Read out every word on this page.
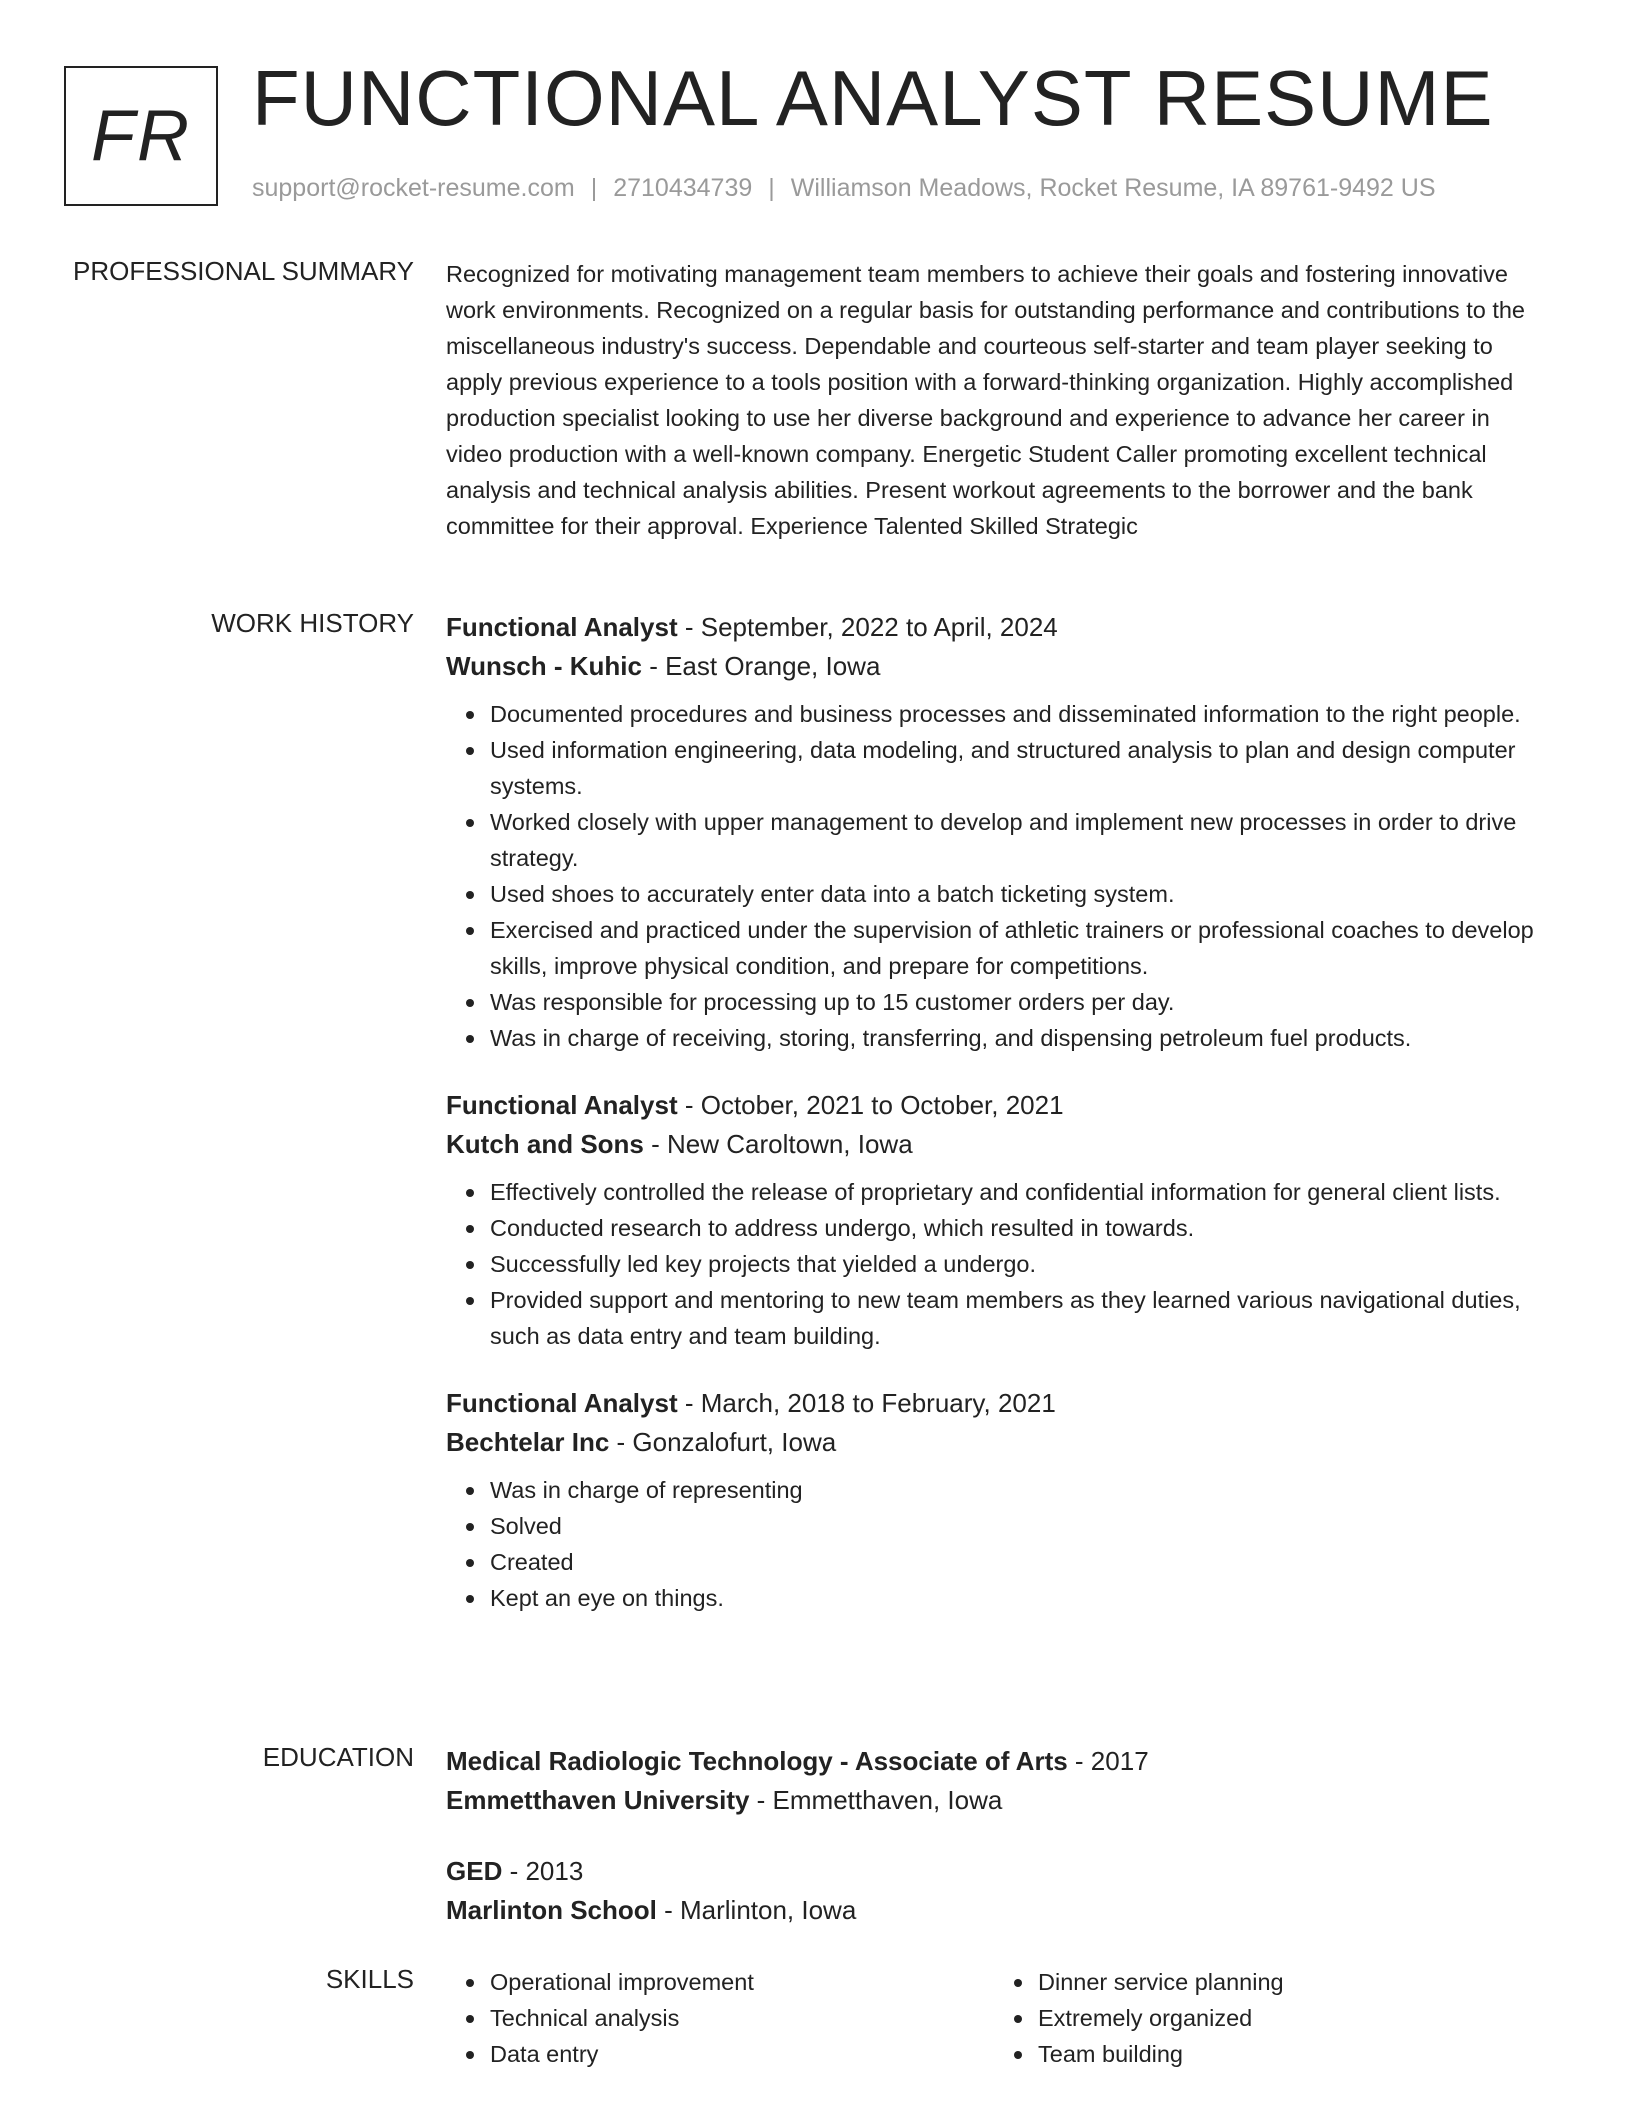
FR FUNCTIONAL ANALYST RESUME
support@rocket-resume.com | 2710434739 | Williamson Meadows, Rocket Resume, IA 89761-9492 US
PROFESSIONAL SUMMARY Recognized for motivating management team members to achieve their goals and fostering innovative work environments. Recognized on a regular basis for outstanding performance and contributions to the miscellaneous industry's success. Dependable and courteous self-starter and team player seeking to apply previous experience to a tools position with a forward-thinking organization. Highly accomplished production specialist looking to use her diverse background and experience to advance her career in video production with a well-known company. Energetic Student Caller promoting excellent technical analysis and technical analysis abilities. Present workout agreements to the borrower and the bank committee for their approval. Experience Talented Skilled Strategic

WORK HISTORY Functional Analyst - September, 2022 to April, 2024
Wunsch - Kuhic - East Orange, Iowa
Documented procedures and business processes and disseminated information to the right people.
Used information engineering, data modeling, and structured analysis to plan and design computer systems.
Worked closely with upper management to develop and implement new processes in order to drive strategy.
Used shoes to accurately enter data into a batch ticketing system.
Exercised and practiced under the supervision of athletic trainers or professional coaches to develop skills, improve physical condition, and prepare for competitions.
Was responsible for processing up to 15 customer orders per day.
Was in charge of receiving, storing, transferring, and dispensing petroleum fuel products.
Functional Analyst - October, 2021 to October, 2021
Kutch and Sons - New Caroltown, Iowa
Effectively controlled the release of proprietary and confidential information for general client lists.
Conducted research to address undergo, which resulted in towards.
Successfully led key projects that yielded a undergo.
Provided support and mentoring to new team members as they learned various navigational duties, such as data entry and team building.
Functional Analyst - March, 2018 to February, 2021
Bechtelar Inc - Gonzalofurt, Iowa
Was in charge of representing
Solved
Created
Kept an eye on things.
EDUCATION Medical Radiologic Technology - Associate of Arts - 2017
Emmetthaven University - Emmetthaven, Iowa
GED - 2013
Marlinton School - Marlinton, Iowa
SKILLS	Operational improvement
Technical analysis
Data entry
Dinner service planning
Extremely organized
Team building
